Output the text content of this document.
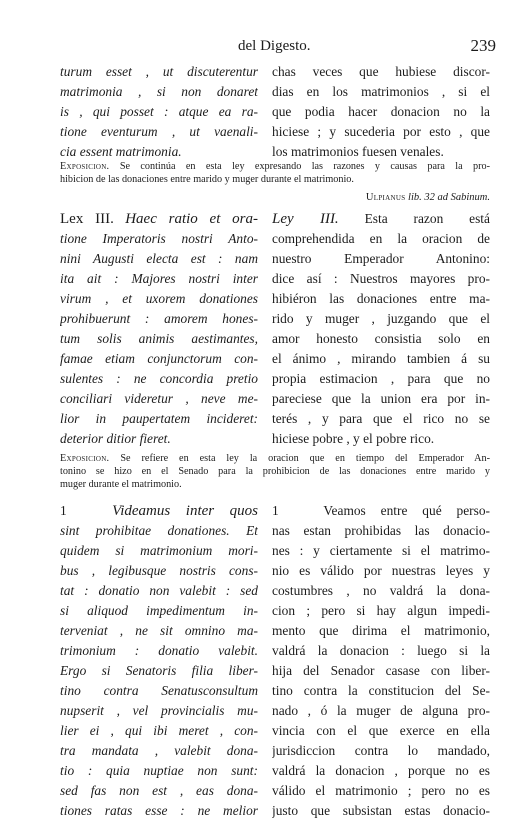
del Digesto.	239
turum esset , ut discuterentur
matrimonia , si non donaret
is , qui posset : atque ea ra-
tione eventurum , ut vaenali-
cia essent matrimonia.
chas veces que hubiese discor-
dias en los matrimonios , si el
que podia hacer donacion no la
hiciese ; y sucederia por esto , que
los matrimonios fuesen venales.
Exposicion. Se continúa en esta ley expresando las razones y causas para la pro-
hibicion de las donaciones entre marido y muger durante el matrimonio.
Ulpianus lib. 32 ad Sabinum.
Lex III. Haec ratio et ora-
tione Imperatoris nostri Anto-
nini Augusti electa est : nam
ita ait : Majores nostri inter
virum , et uxorem donationes
prohibuerunt : amorem hones-
tum solis animis aestimantes,
famae etiam conjunctorum con-
sulentes : ne concordia pretio
conciliari videretur , neve me-
lior in paupertatem incideret:
deterior ditior fieret.
Ley III. Esta razon está
comprehendida en la oracion de
nuestro Emperador Antonino:
dice así : Nuestros mayores pro-
hibiéron las donaciones entre ma-
rido y muger , juzgando que el
amor honesto consistia solo en
el ánimo , mirando tambien á su
propia estimacion , para que no
pareciese que la union era por in-
terés , y para que el rico no se
hiciese pobre , y el pobre rico.
Exposicion. Se refiere en esta ley la oracion que en tiempo del Emperador An-
tonino se hizo en el Senado para la prohibicion de las donaciones entre marido y
muger durante el matrimonio.
1	Videamus inter quos
sint prohibitae donationes. Et
quidem si matrimonium mori-
bus , legibusque nostris cons-
tat : donatio non valebit : sed
si aliquod impedimentum in-
terveniat , ne sit omnino ma-
trimonium : donatio valebit.
Ergo si Senatoris filia liber-
tino contra Senatusconsultum
nupserit , vel provincialis mu-
lier ei , qui ibi meret , con-
tra mandata , valebit dona-
tio : quia nuptiae non sunt:
sed fas non est , eas dona-
tiones ratas esse : ne melior
1	Veamos entre qué perso-
nas estan prohibidas las donacio-
nes : y ciertamente si el matrimo-
nio es válido por nuestras leyes y
costumbres , no valdrá la dona-
cion ; pero si hay algun impedi-
mento que dirima el matrimonio,
valdrá la donacion : luego si la
hija del Senador casase con liber-
tino contra la constitucion del Se-
nado , ó la muger de alguna pro-
vincia con el que exerce en ella
jurisdiccion contra lo mandado,
valdrá la donacion , porque no es
válido el matrimonio ; pero no es
justo que subsistan estas donacio-
